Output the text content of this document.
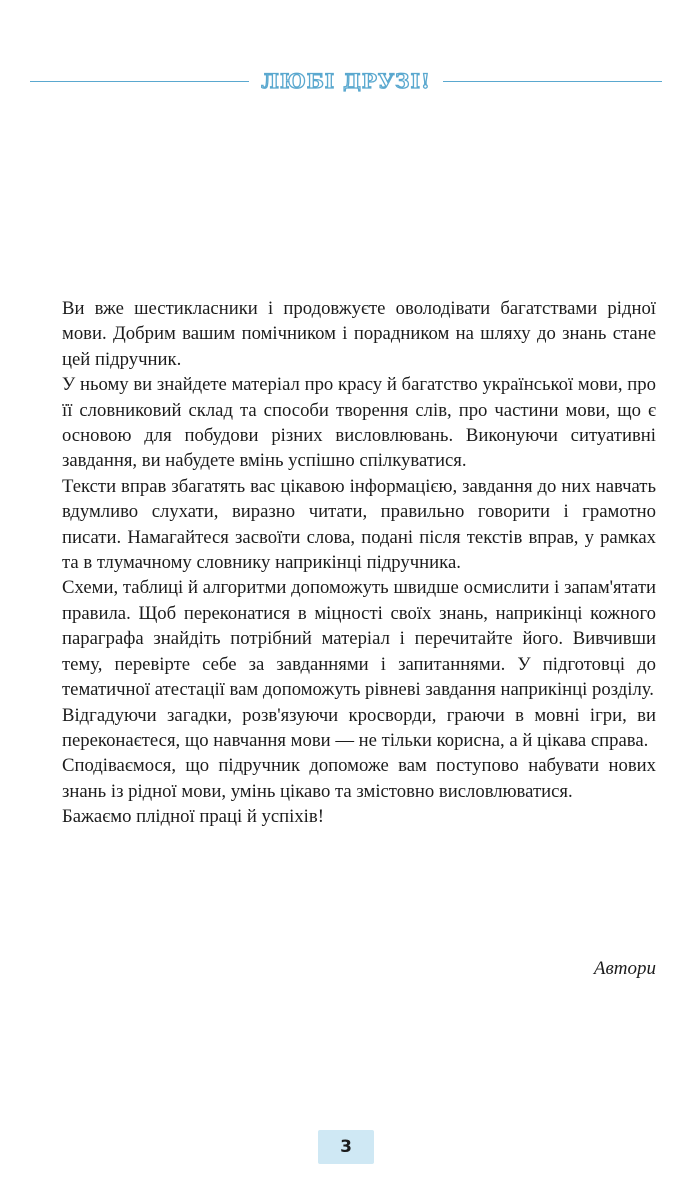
ЛЮБІ ДРУЗІ!

Ви вже шестикласники і продовжуєте оволодівати багатствами рідної мови. Добрим вашим помічником і порадником на шляху до знань стане цей підручник.

У ньому ви знайдете матеріал про красу й багатство української мови, про її словниковий склад та способи творення слів, про частини мови, що є основою для побудови різних висловлювань. Виконуючи ситуативні завдання, ви набудете вмінь успішно спілкуватися.

Тексти вправ збагатять вас цікавою інформацією, завдання до них навчать вдумливо слухати, виразно читати, правильно говорити і грамотно писати. Намагайтеся засвоїти слова, подані після текстів вправ, у рамках та в тлумачному словнику наприкінці підручника.

Схеми, таблиці й алгоритми допоможуть швидше осмислити і запам'ятати правила. Щоб переконатися в міцності своїх знань, наприкінці кожного параграфа знайдіть потрібний матеріал і перечитайте його. Вивчивши тему, перевірте себе за завданнями і запитаннями. У підготовці до тематичної атестації вам допоможуть рівневі завдання наприкінці розділу.

Відгадуючи загадки, розв'язуючи кросворди, граючи в мовні ігри, ви переконаєтеся, що навчання мови — не тільки корисна, а й цікава справа.

Сподіваємося, що підручник допоможе вам поступово набувати нових знань із рідної мови, умінь цікаво та змістовно висловлюватися.

Бажаємо плідної праці й успіхів!

Автори
3
